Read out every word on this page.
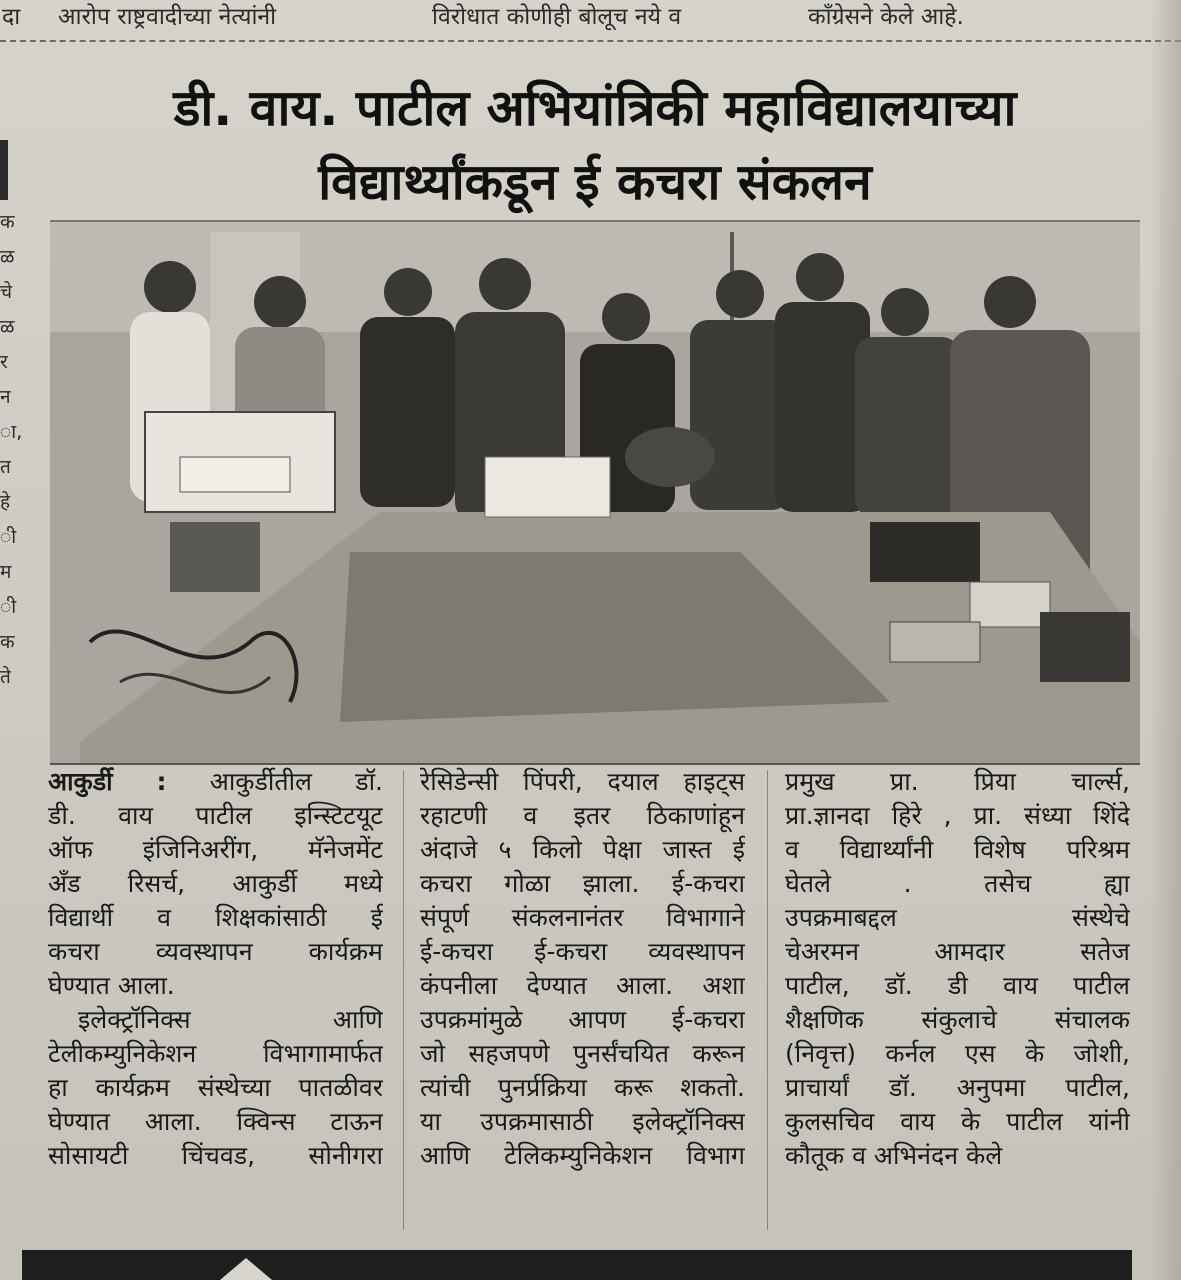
दा आरोप राष्ट्रवादीच्या नेत्यांनी	विरोधात कोणीही बोलूच नये व	काँग्रेसने केले आहे.
क
ळ
चे
ळ
र
न
ा,
त
हे
ी
म
ी
क
ते
डी. वाय. पाटील अभियांत्रिकी महाविद्यालयाच्या
विद्यार्थ्यांकडून ई कचरा संकलन
आकुर्डी : आकुर्डीतील डॉ.
डी. वाय पाटील इन्स्टिटयूट
ऑफ इंजिनिअरींग, मॅनेजमेंट
अँड रिसर्च, आकुर्डी मध्ये
विद्यार्थी व शिक्षकांसाठी ई
कचरा व्यवस्थापन कार्यक्रम
घेण्यात आला.
इलेक्ट्रॉनिक्स आणि
टेलीकम्युनिकेशन विभागामार्फत
हा कार्यक्रम संस्थेच्या पातळीवर
घेण्यात आला. क्विन्स टाऊन
सोसायटी चिंचवड, सोनीगरा
रेसिडेन्सी पिंपरी, दयाल हाइट्स
रहाटणी व इतर ठिकाणांहून
अंदाजे ५ किलो पेक्षा जास्त ई
कचरा गोळा झाला. ई-कचरा
संपूर्ण संकलनानंतर विभागाने
ई-कचरा ई-कचरा व्यवस्थापन
कंपनीला देण्यात आला. अशा
उपक्रमांमुळे आपण ई-कचरा
जो सहजपणे पुनर्संचयित करून
त्यांची पुनर्प्रक्रिया करू शकतो.
या उपक्रमासाठी इलेक्ट्रॉनिक्स
आणि टेलिकम्युनिकेशन विभाग
प्रमुख प्रा. प्रिया चार्ल्स,
प्रा.ज्ञानदा हिरे , प्रा. संध्या शिंदे
व विद्यार्थ्यांनी विशेष परिश्रम
घेतले . तसेच ह्या
उपक्रमाबद्दल संस्थेचे
चेअरमन आमदार सतेज
पाटील, डॉ. डी वाय पाटील
शैक्षणिक संकुलाचे संचालक
(निवृत्त) कर्नल एस के जोशी,
प्राचार्यां डॉ. अनुपमा पाटील,
कुलसचिव वाय के पाटील यांनी
कौतूक व अभिनंदन केले
